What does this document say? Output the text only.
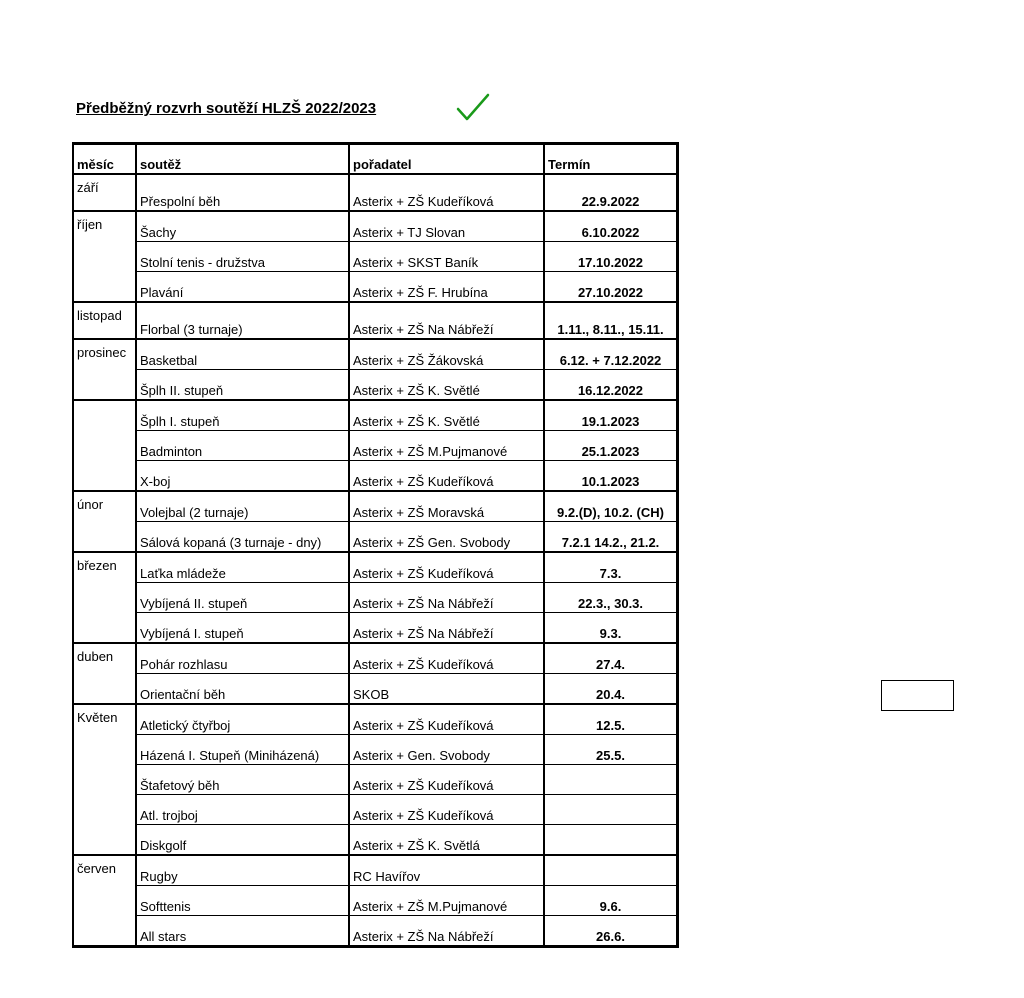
Předběžný rozvrh soutěží HLZŠ 2022/2023
měsíc	soutěž	pořadatel	Termín
září	Přespolní běh	Asterix + ZŠ Kudeříková	22.9.2022
říjen	Šachy	Asterix + TJ Slovan	6.10.2022
	Stolní tenis - družstva	Asterix + SKST Baník	17.10.2022
	Plavání	Asterix + ZŠ F. Hrubína	27.10.2022
listopad	Florbal (3 turnaje)	Asterix + ZŠ Na Nábřeží	1.11., 8.11., 15.11.
prosinec	Basketbal	Asterix + ZŠ Žákovská	6.12. + 7.12.2022
	Šplh II. stupeň	Asterix + ZŠ K. Světlé	16.12.2022
	Šplh I. stupeň	Asterix + ZŠ K. Světlé	19.1.2023
	Badminton	Asterix + ZŠ M.Pujmanové	25.1.2023
	X-boj	Asterix + ZŠ Kudeříková	10.1.2023
únor	Volejbal (2 turnaje)	Asterix + ZŠ Moravská	9.2.(D), 10.2. (CH)
	Sálová kopaná (3 turnaje - dny)	Asterix + ZŠ Gen. Svobody	7.2.1 14.2., 21.2.
březen	Laťka mládeže	Asterix + ZŠ Kudeříková	7.3.
	Vybíjená II. stupeň	Asterix + ZŠ Na Nábřeží	22.3., 30.3.
	Vybíjená I. stupeň	Asterix + ZŠ Na Nábřeží	9.3.
duben	Pohár rozhlasu	Asterix + ZŠ Kudeříková	27.4.
	Orientační běh	SKOB	20.4.
Květen	Atletický čtyřboj	Asterix + ZŠ Kudeříková	12.5.
	Házená I. Stupeň (Miniházená)	Asterix + Gen. Svobody	25.5.
	Štafetový běh	Asterix + ZŠ Kudeříková	
	Atl. trojboj	Asterix + ZŠ Kudeříková	
	Diskgolf	Asterix + ZŠ K. Světlá	
červen	Rugby	RC Havířov	
	Softtenis	Asterix + ZŠ M.Pujmanové	9.6.
	All stars	Asterix + ZŠ Na Nábřeží	26.6.
